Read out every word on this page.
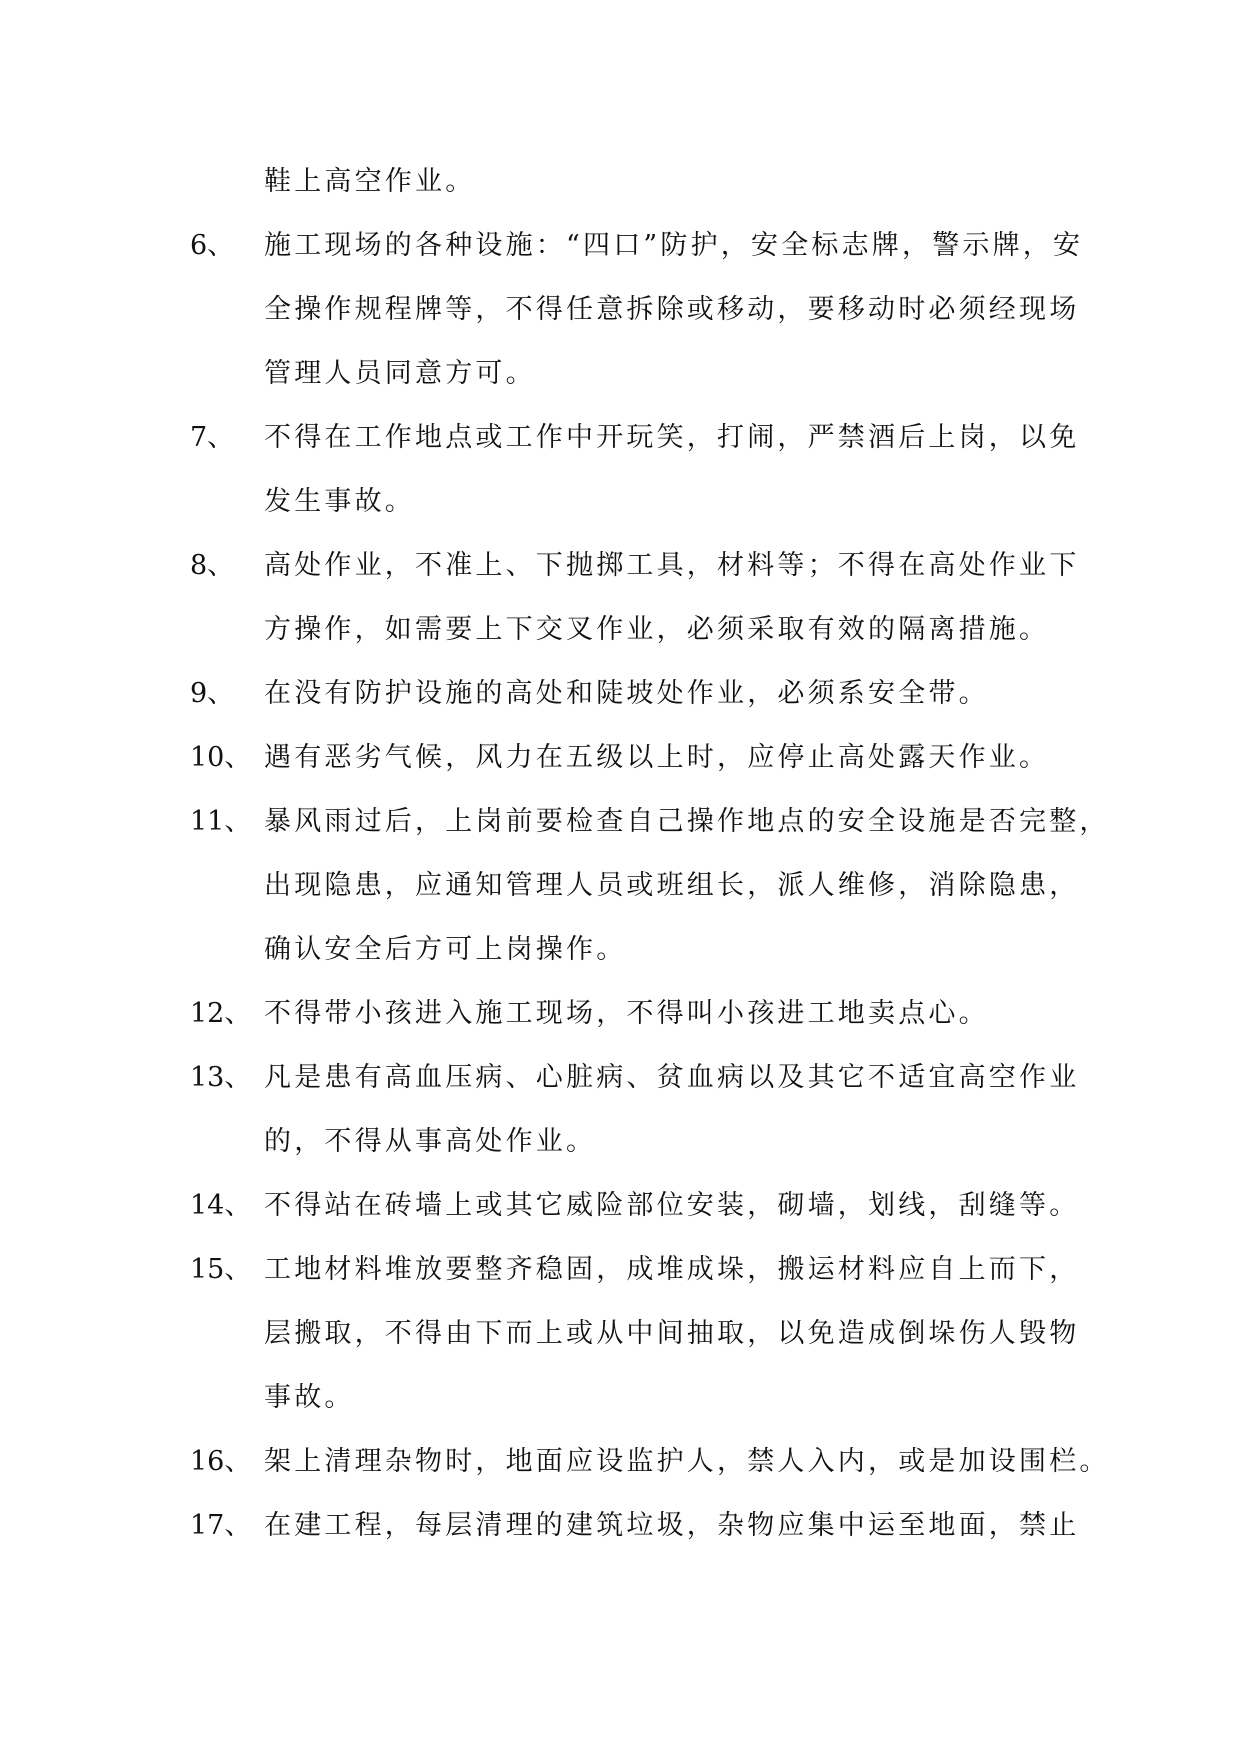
鞋上高空作业。
6、 施工现场的各种设施：“四口”防护，安全标志牌，警示牌，安
全操作规程牌等，不得任意拆除或移动，要移动时必须经现场
管理人员同意方可。
7、 不得在工作地点或工作中开玩笑，打闹，严禁酒后上岗，以免
发生事故。
8、 高处作业，不准上、下抛掷工具，材料等；不得在高处作业下
方操作，如需要上下交叉作业，必须采取有效的隔离措施。
9、 在没有防护设施的高处和陡坡处作业，必须系安全带。
10、 遇有恶劣气候，风力在五级以上时，应停止高处露天作业。
11、 暴风雨过后，上岗前要检查自己操作地点的安全设施是否完整，
出现隐患，应通知管理人员或班组长，派人维修，消除隐患，
确认安全后方可上岗操作。
12、 不得带小孩进入施工现场，不得叫小孩进工地卖点心。
13、 凡是患有高血压病、心脏病、贫血病以及其它不适宜高空作业
的，不得从事高处作业。
14、 不得站在砖墙上或其它威险部位安装，砌墙，划线，刮缝等。
15、 工地材料堆放要整齐稳固，成堆成垛，搬运材料应自上而下，
层搬取，不得由下而上或从中间抽取，以免造成倒垛伤人毁物
事故。
16、 架上清理杂物时，地面应设监护人，禁人入内，或是加设围栏。
17、 在建工程，每层清理的建筑垃圾，杂物应集中运至地面，禁止
